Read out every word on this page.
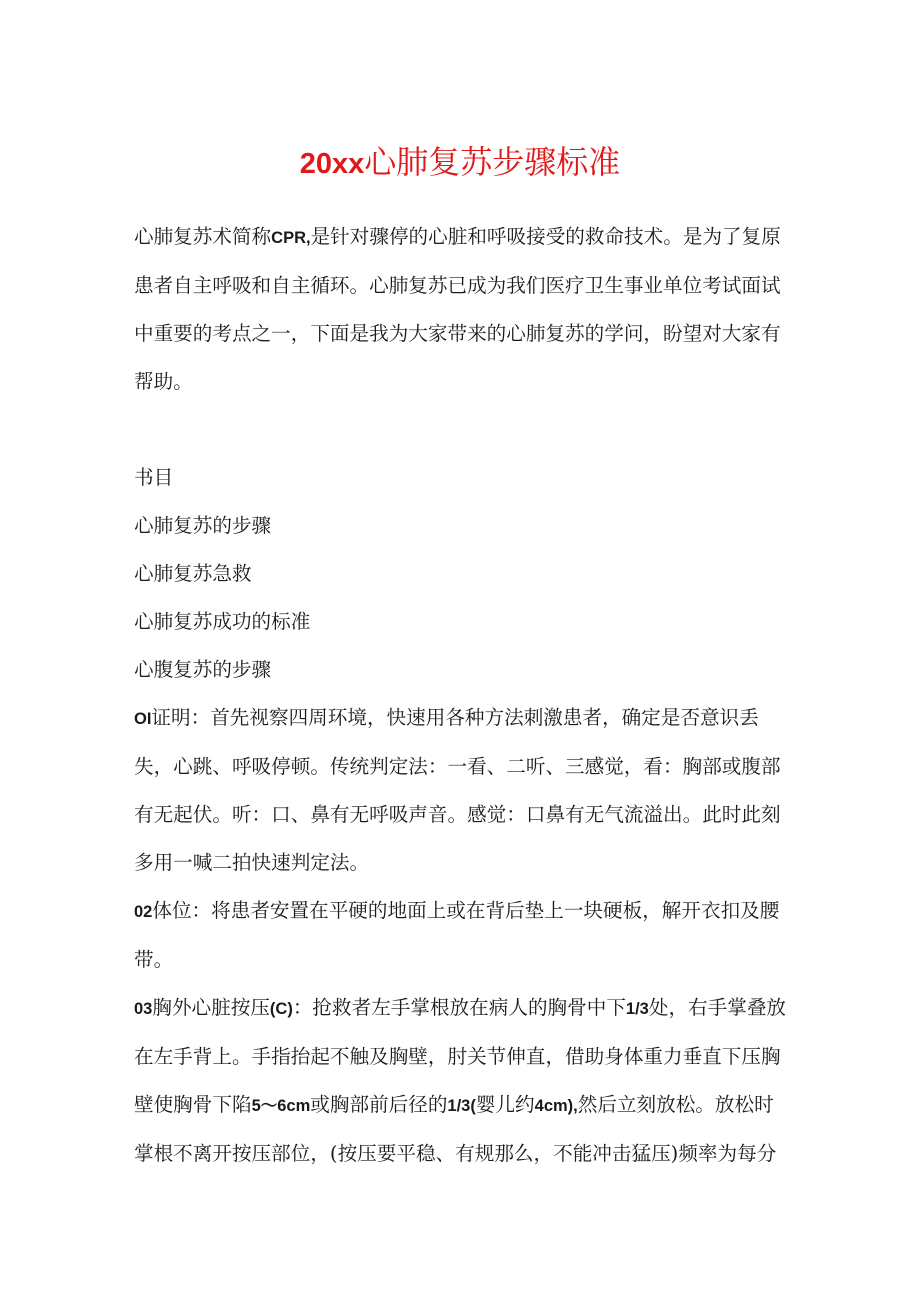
20xx心肺复苏步骤标准

心肺复苏术简称CPR,是针对骤停的心脏和呼吸接受的救命技术。是为了复原患者自主呼吸和自主循环。心肺复苏已成为我们医疗卫生事业单位考试面试中重要的考点之一，下面是我为大家带来的心肺复苏的学问，盼望对大家有帮助。

书目

心肺复苏的步骤

心肺复苏急救

心肺复苏成功的标准

心腹复苏的步骤

OI证明：首先视察四周环境，快速用各种方法刺激患者，确定是否意识丢失，心跳、呼吸停顿。传统判定法：一看、二听、三感觉，看：胸部或腹部有无起伏。听：口、鼻有无呼吸声音。感觉：口鼻有无气流溢出。此时此刻多用一喊二拍快速判定法。

02体位：将患者安置在平硬的地面上或在背后垫上一块硬板，解开衣扣及腰带。

03胸外心脏按压(C)：抢救者左手掌根放在病人的胸骨中下1/3处，右手掌叠放在左手背上。手指抬起不触及胸壁，肘关节伸直，借助身体重力垂直下压胸壁使胸骨下陷5〜6cm或胸部前后径的1/3(婴儿约4cm),然后立刻放松。放松时掌根不离开按压部位，(按压要平稳、有规那么，不能冲击猛压)频率为每分
